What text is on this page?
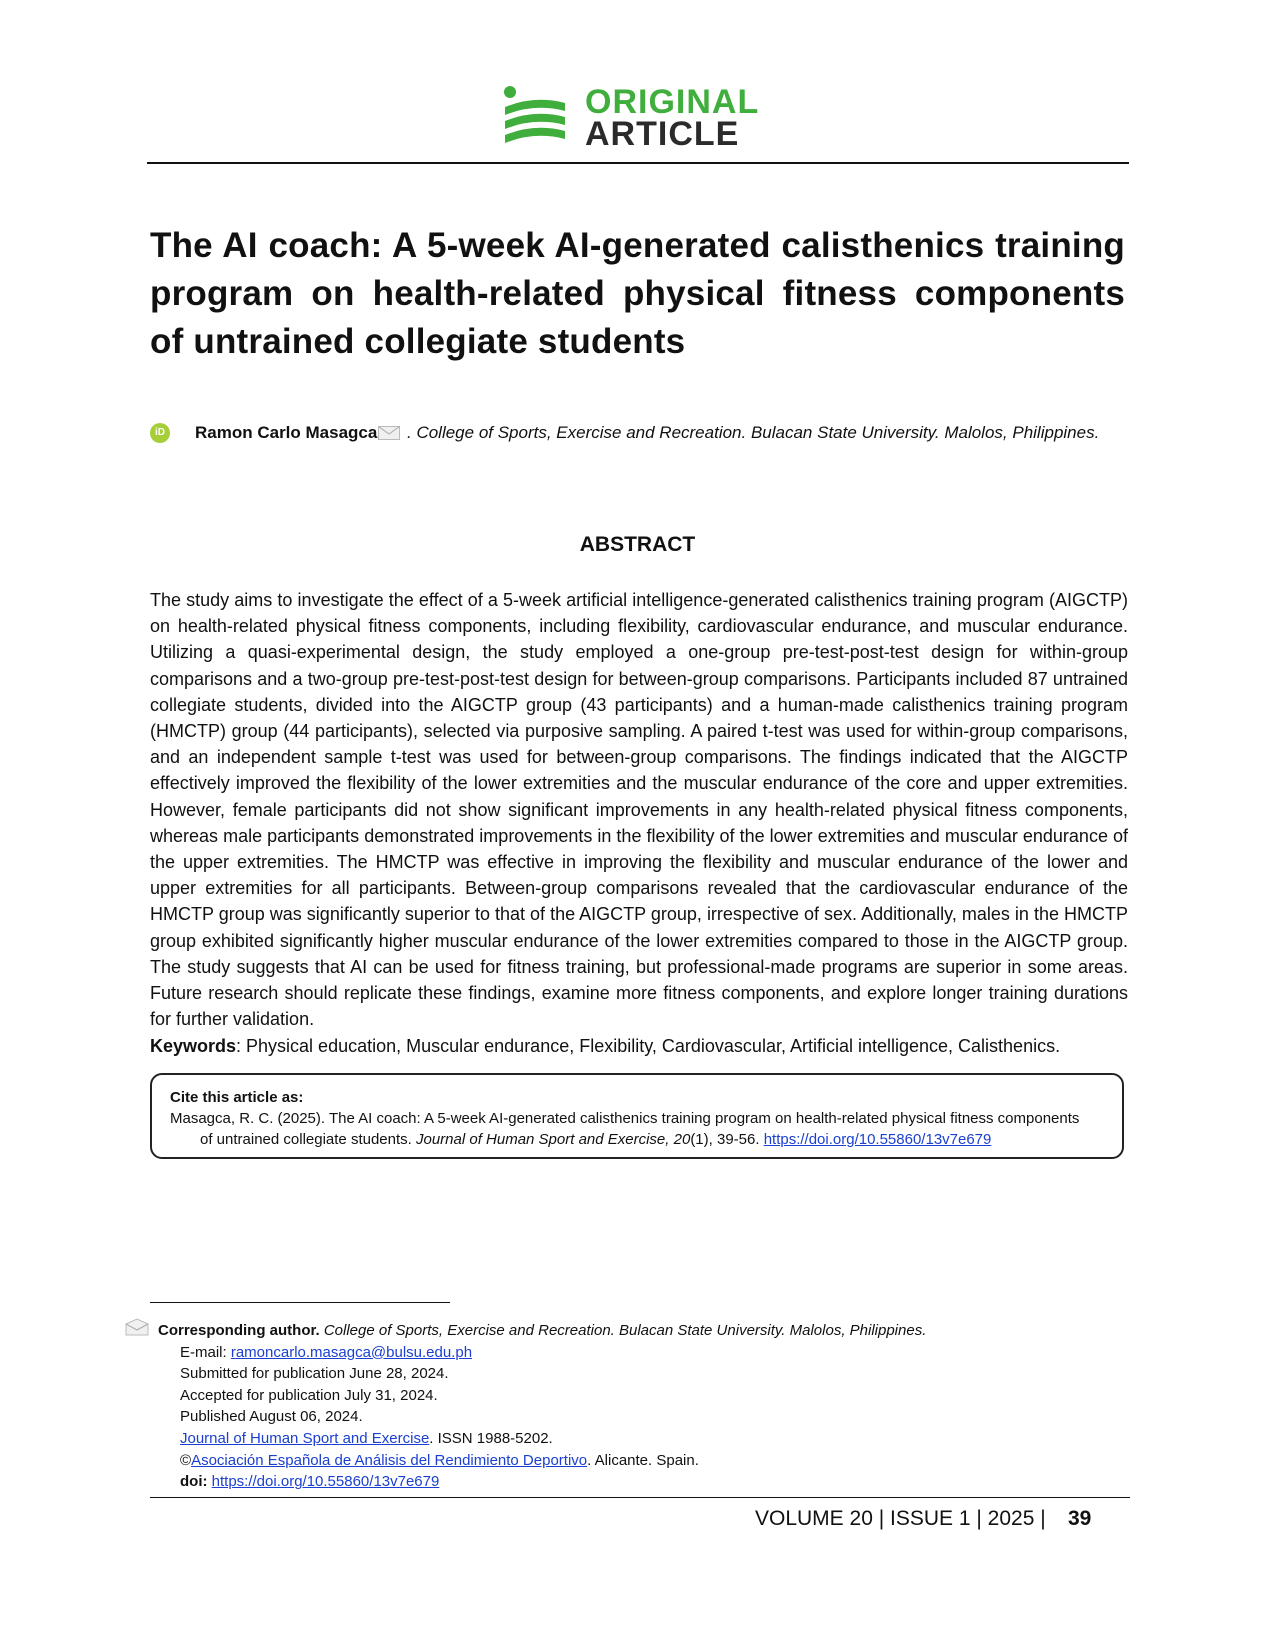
ORIGINAL
ARTICLE
The AI coach: A 5-week AI-generated calisthenics training program on health-related physical fitness components of untrained collegiate students
iD Ramon Carlo Masagca . College of Sports, Exercise and Recreation. Bulacan State University. Malolos, Philippines.
ABSTRACT
The study aims to investigate the effect of a 5-week artificial intelligence-generated calisthenics training program (AIGCTP) on health-related physical fitness components, including flexibility, cardiovascular endurance, and muscular endurance. Utilizing a quasi-experimental design, the study employed a one-group pre-test-post-test design for within-group comparisons and a two-group pre-test-post-test design for between-group comparisons. Participants included 87 untrained collegiate students, divided into the AIGCTP group (43 participants) and a human-made calisthenics training program (HMCTP) group (44 participants), selected via purposive sampling. A paired t-test was used for within-group comparisons, and an independent sample t-test was used for between-group comparisons. The findings indicated that the AIGCTP effectively improved the flexibility of the lower extremities and the muscular endurance of the core and upper extremities. However, female participants did not show significant improvements in any health-related physical fitness components, whereas male participants demonstrated improvements in the flexibility of the lower extremities and muscular endurance of the upper extremities. The HMCTP was effective in improving the flexibility and muscular endurance of the lower and upper extremities for all participants. Between-group comparisons revealed that the cardiovascular endurance of the HMCTP group was significantly superior to that of the AIGCTP group, irrespective of sex. Additionally, males in the HMCTP group exhibited significantly higher muscular endurance of the lower extremities compared to those in the AIGCTP group. The study suggests that AI can be used for fitness training, but professional-made programs are superior in some areas. Future research should replicate these findings, examine more fitness components, and explore longer training durations for further validation.
Keywords: Physical education, Muscular endurance, Flexibility, Cardiovascular, Artificial intelligence, Calisthenics.
Cite this article as:
Masagca, R. C. (2025). The AI coach: A 5-week AI-generated calisthenics training program on health-related physical fitness components
of untrained collegiate students. Journal of Human Sport and Exercise, 20(1), 39-56. https://doi.org/10.55860/13v7e679
Corresponding author. College of Sports, Exercise and Recreation. Bulacan State University. Malolos, Philippines.
E-mail: ramoncarlo.masagca@bulsu.edu.ph
Submitted for publication June 28, 2024.
Accepted for publication July 31, 2024.
Published August 06, 2024.
Journal of Human Sport and Exercise. ISSN 1988-5202.
©Asociación Española de Análisis del Rendimiento Deportivo. Alicante. Spain.
doi: https://doi.org/10.55860/13v7e679
VOLUME 20 | ISSUE 1 | 2025 | 39
